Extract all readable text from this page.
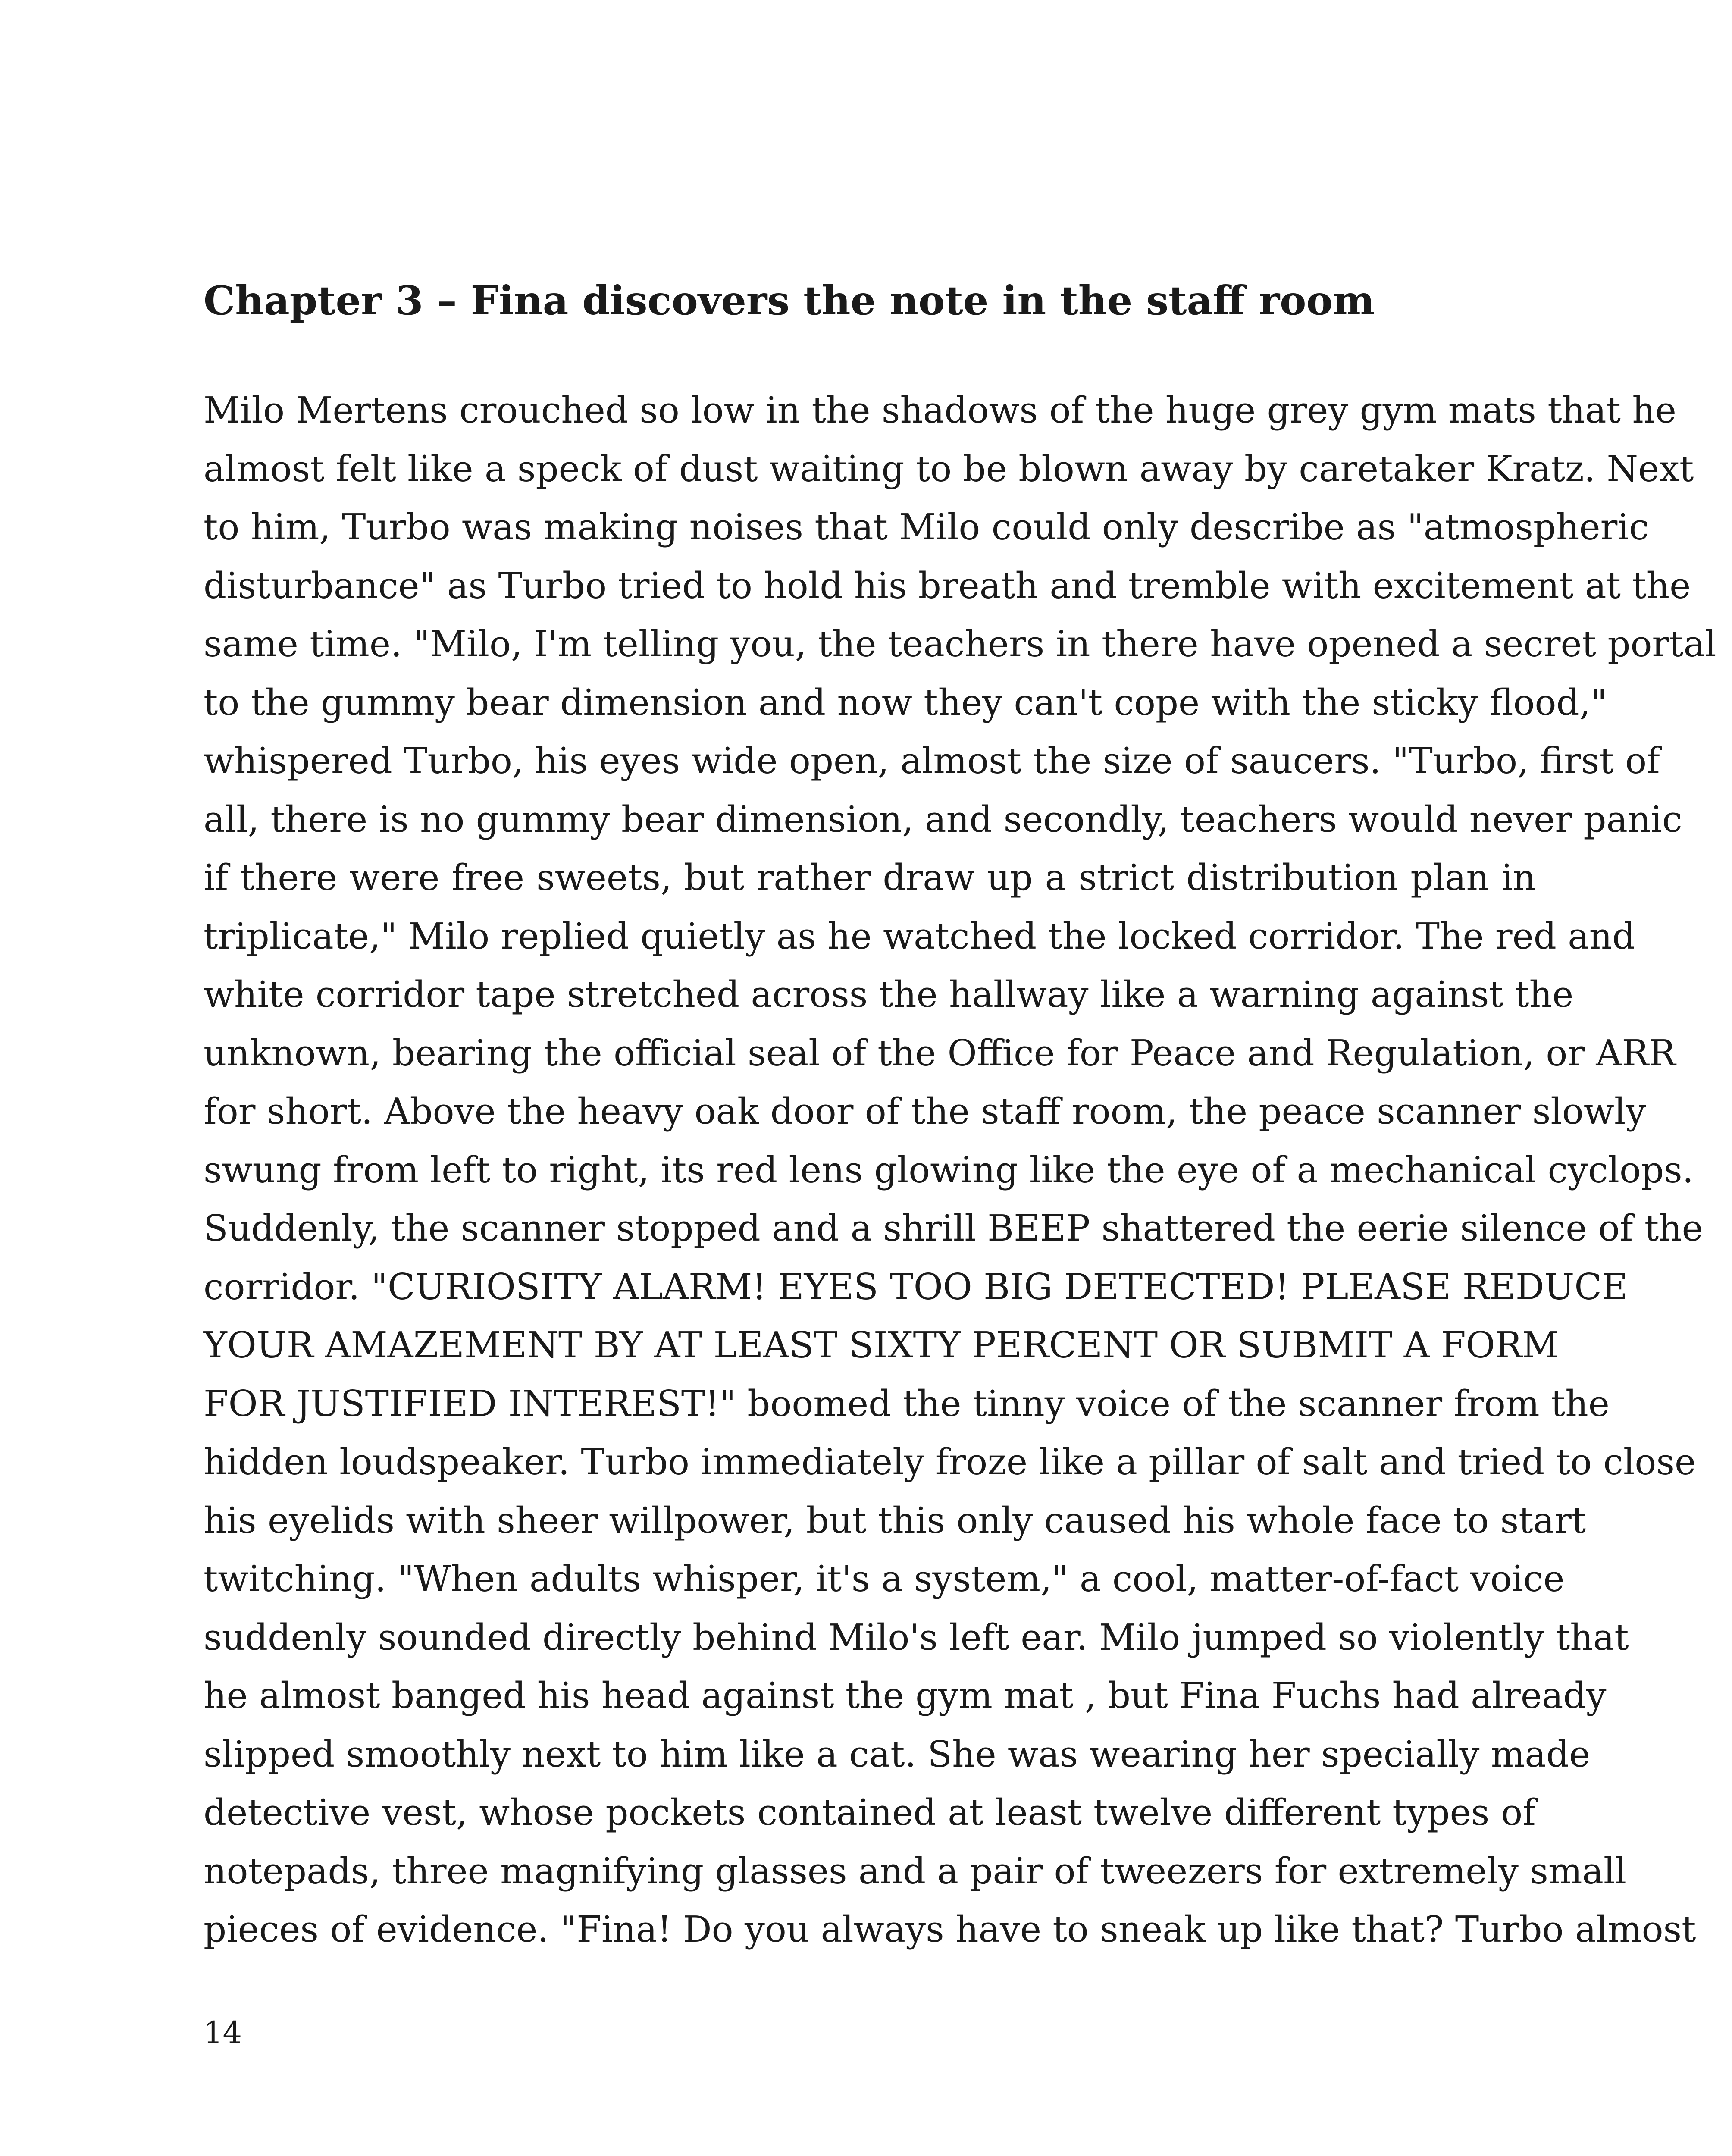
Chapter 3 – Fina discovers the note in the staff room
Milo Mertens crouched so low in the shadows of the huge grey gym mats that he
almost felt like a speck of dust waiting to be blown away by caretaker Kratz. Next
to him, Turbo was making noises that Milo could only describe as "atmospheric
disturbance" as Turbo tried to hold his breath and tremble with excitement at the
same time. "Milo, I'm telling you, the teachers in there have opened a secret portal
to the gummy bear dimension and now they can't cope with the sticky flood,"
whispered Turbo, his eyes wide open, almost the size of saucers. "Turbo, first of
all, there is no gummy bear dimension, and secondly, teachers would never panic
if there were free sweets, but rather draw up a strict distribution plan in
triplicate," Milo replied quietly as he watched the locked corridor. The red and
white corridor tape stretched across the hallway like a warning against the
unknown, bearing the official seal of the Office for Peace and Regulation, or ARR
for short. Above the heavy oak door of the staff room, the peace scanner slowly
swung from left to right, its red lens glowing like the eye of a mechanical cyclops.
Suddenly, the scanner stopped and a shrill BEEP shattered the eerie silence of the
corridor. "CURIOSITY ALARM! EYES TOO BIG DETECTED! PLEASE REDUCE
YOUR AMAZEMENT BY AT LEAST SIXTY PERCENT OR SUBMIT A FORM
FOR JUSTIFIED INTEREST!" boomed the tinny voice of the scanner from the
hidden loudspeaker. Turbo immediately froze like a pillar of salt and tried to close
his eyelids with sheer willpower, but this only caused his whole face to start
twitching. "When adults whisper, it's a system," a cool, matter-of-fact voice
suddenly sounded directly behind Milo's left ear. Milo jumped so violently that
he almost banged his head against the gym mat , but Fina Fuchs had already
slipped smoothly next to him like a cat. She was wearing her specially made
detective vest, whose pockets contained at least twelve different types of
notepads, three magnifying glasses and a pair of tweezers for extremely small
pieces of evidence. "Fina! Do you always have to sneak up like that? Turbo almost
14
